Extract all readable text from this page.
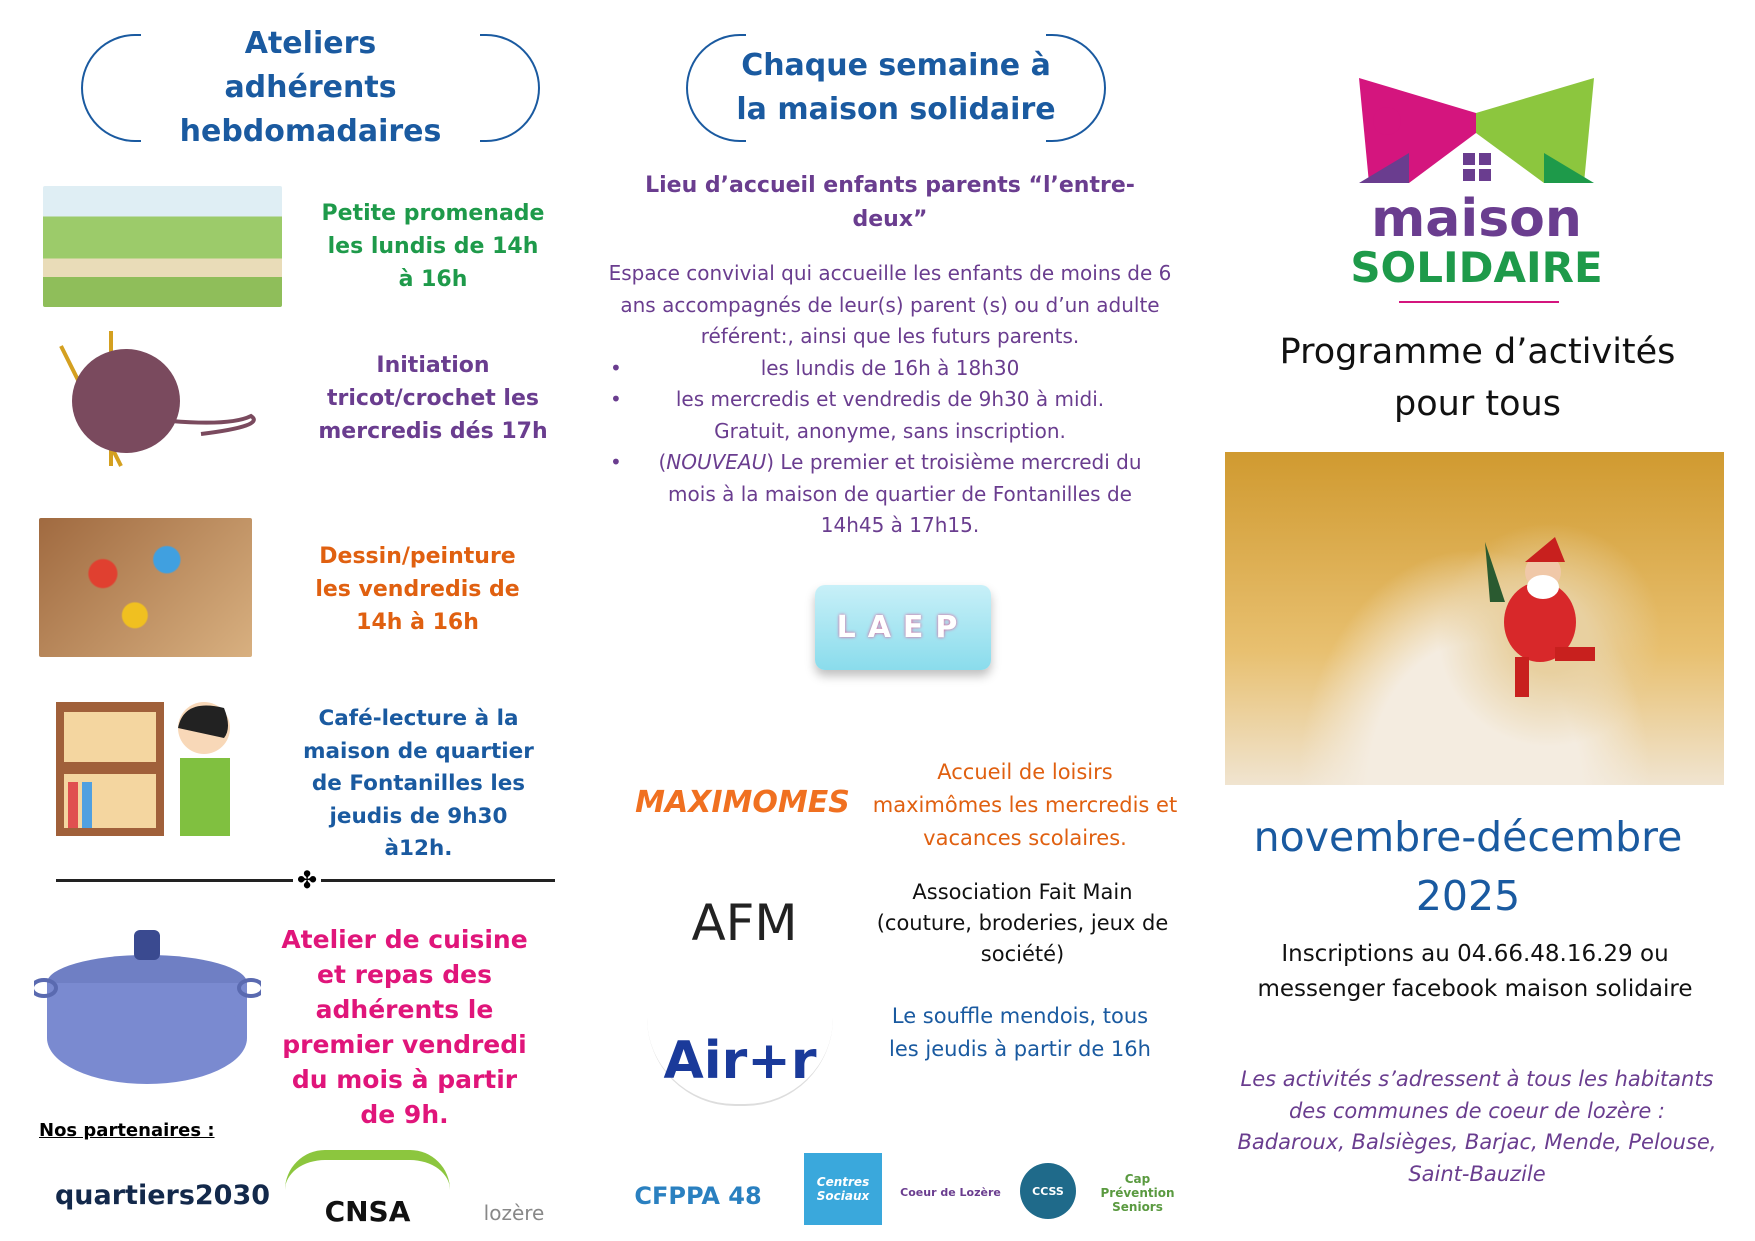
Ateliers adhérents hebdomadaires
Petite promenade les lundis de 14h à 16h
Initiation tricot/crochet les mercredis dés 17h
Dessin/peinture les vendredis de 14h à 16h
Café-lecture à la maison de quartier de Fontanilles les jeudis de 9h30 à12h.
✤
Atelier de cuisine et repas des adhérents le premier vendredi du mois à partir de 9h.
Nos partenaires :
quartiers2030	CNSA	lozère
CFPPA 48	Centres Sociaux	Coeur de Lozère	CCSS
Cap Prévention Seniors
Chaque semaine à la maison solidaire
Lieu d’accueil enfants parents “l’entre-deux”
Espace convivial qui accueille les enfants de moins de 6 ans accompagnés de leur(s) parent (s) ou d’un adulte référent:, ainsi que les futurs parents.
• les lundis de 16h à 18h30
• les mercredis et vendredis de 9h30 à midi.
Gratuit, anonyme, sans inscription.
• (NOUVEAU) Le premier et troisième mercredi du mois à la maison de quartier de Fontanilles de 14h45 à 17h15.
LAEP
MAXIMOMES
Accueil de loisirs maximômes les mercredis et vacances scolaires.
AFM
Association Fait Main (couture, broderies, jeux de société)
Air+r
Le souffle mendois, tous les jeudis à partir de 16h
maison
SOLIDAIRE
Programme d’activités pour tous
novembre-décembre 2025
Inscriptions au 04.66.48.16.29 ou messenger facebook maison solidaire
Les activités s’adressent à tous les habitants des communes de coeur de lozère : Badaroux, Balsièges, Barjac, Mende, Pelouse, Saint-Bauzile
